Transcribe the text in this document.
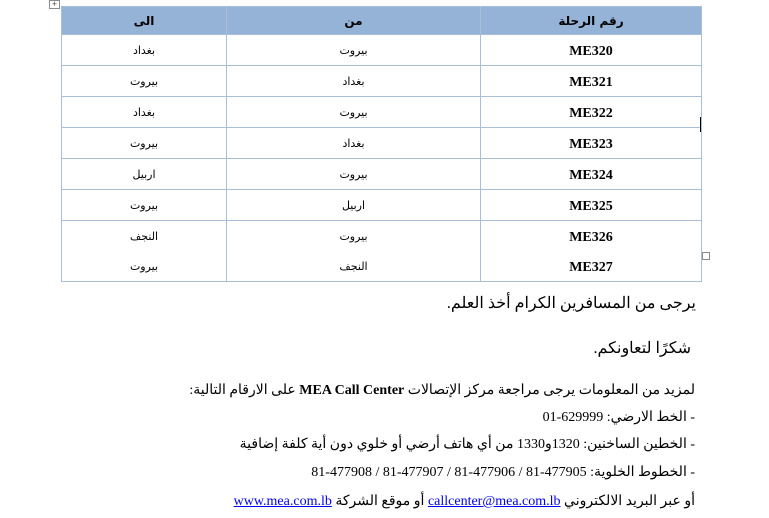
+
الى	من	رقم الرحلة
بغداد	بيروت	ME320
بيروت	بغداد	ME321
بغداد	بيروت	ME322
بيروت	بغداد	ME323
اربيل	بيروت	ME324
بيروت	اربيل	ME325
النجف	بيروت	ME326
بيروت	النجف	ME327
يرجى من المسافرين الكرام أخذ العلم.
شكرًا لتعاونكم.
لمزيد من المعلومات يرجى مراجعة مركز الإتصالات MEA Call Center على الارقام التالية:
- الخط الارضي: 01-629999
- الخطين الساخنين: 1320و1330 من أي هاتف أرضي أو خلوي دون أية كلفة إضافية
- الخطوط الخلوية: 81-477908 / 81-477907 / 81-477906 / 81-477905
أو عبر البريد الالكتروني callcenter@mea.com.lb أو موقع الشركة www.mea.com.lb
